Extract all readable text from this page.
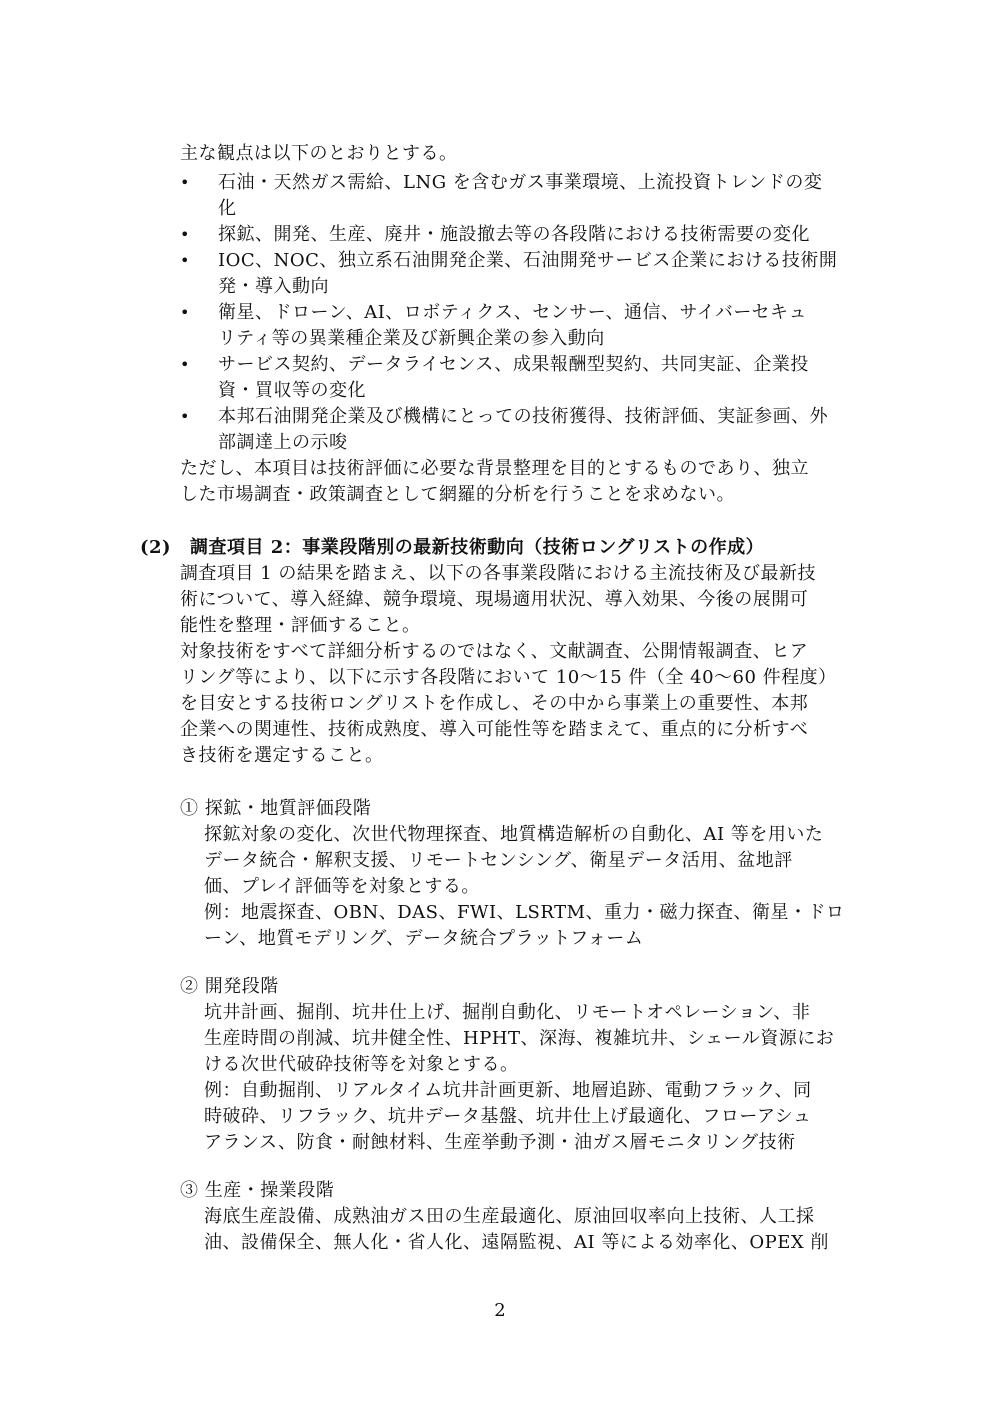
主な観点は以下のとおりとする。
• 石油・天然ガス需給、LNG を含むガス事業環境、上流投資トレンドの変
化
• 探鉱、開発、生産、廃井・施設撤去等の各段階における技術需要の変化
• IOC、NOC、独立系石油開発企業、石油開発サービス企業における技術開
発・導入動向
• 衛星、ドローン、AI、ロボティクス、センサー、通信、サイバーセキュ
リティ等の異業種企業及び新興企業の参入動向
• サービス契約、データライセンス、成果報酬型契約、共同実証、企業投
資・買収等の変化
• 本邦石油開発企業及び機構にとっての技術獲得、技術評価、実証参画、外
部調達上の示唆
ただし、本項目は技術評価に必要な背景整理を目的とするものであり、独立
した市場調査・政策調査として網羅的分析を行うことを求めない。
(2) 調査項目 2：事業段階別の最新技術動向（技術ロングリストの作成）
調査項目 1 の結果を踏まえ、以下の各事業段階における主流技術及び最新技
術について、導入経緯、競争環境、現場適用状況、導入効果、今後の展開可
能性を整理・評価すること。
対象技術をすべて詳細分析するのではなく、文献調査、公開情報調査、ヒア
リング等により、以下に示す各段階において 10〜15 件（全 40〜60 件程度）
を目安とする技術ロングリストを作成し、その中から事業上の重要性、本邦
企業への関連性、技術成熟度、導入可能性等を踏まえて、重点的に分析すべ
き技術を選定すること。
① 探鉱・地質評価段階
探鉱対象の変化、次世代物理探査、地質構造解析の自動化、AI 等を用いた
データ統合・解釈支援、リモートセンシング、衛星データ活用、盆地評
価、プレイ評価等を対象とする。
例：地震探査、OBN、DAS、FWI、LSRTM、重力・磁力探査、衛星・ドロ
ーン、地質モデリング、データ統合プラットフォーム
② 開発段階
坑井計画、掘削、坑井仕上げ、掘削自動化、リモートオペレーション、非
生産時間の削減、坑井健全性、HPHT、深海、複雑坑井、シェール資源にお
ける次世代破砕技術等を対象とする。
例：自動掘削、リアルタイム坑井計画更新、地層追跡、電動フラック、同
時破砕、リフラック、坑井データ基盤、坑井仕上げ最適化、フローアシュ
アランス、防食・耐蝕材料、生産挙動予測・油ガス層モニタリング技術
③ 生産・操業段階
海底生産設備、成熟油ガス田の生産最適化、原油回収率向上技術、人工採
油、設備保全、無人化・省人化、遠隔監視、AI 等による効率化、OPEX 削
2
